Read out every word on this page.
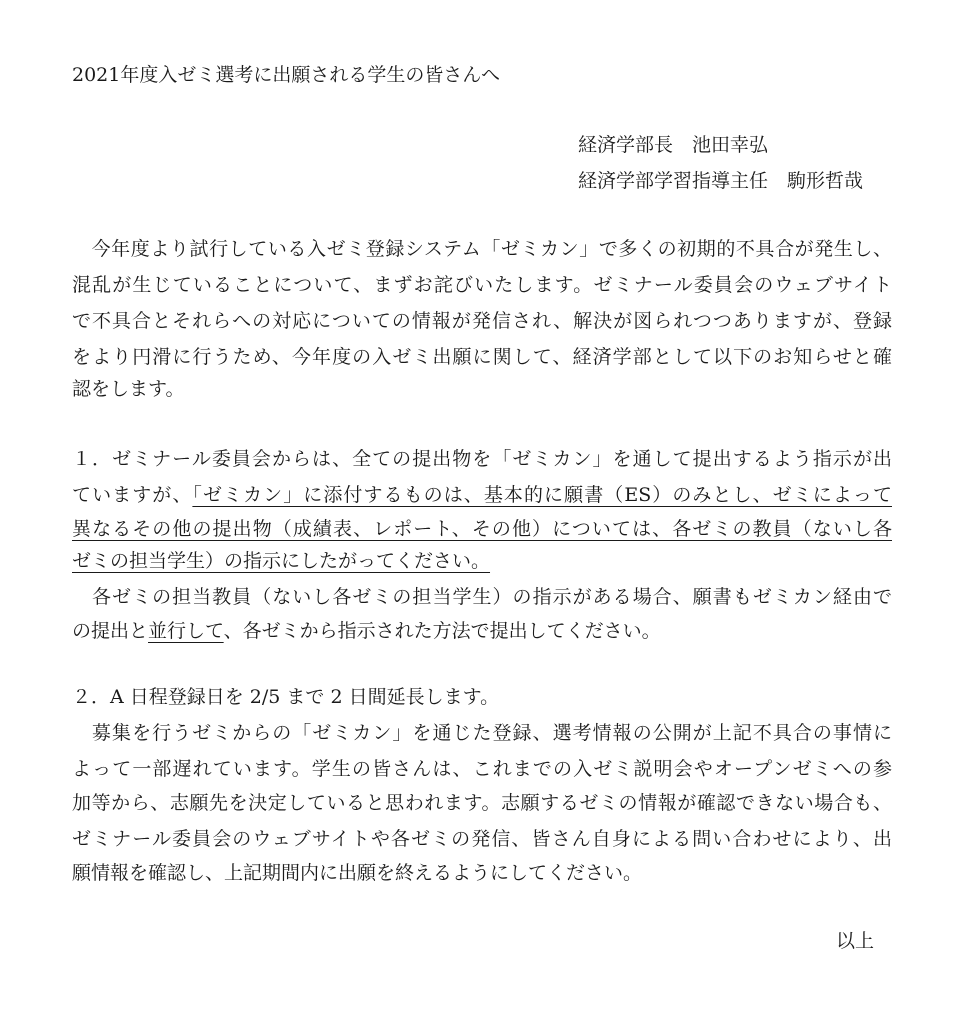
2021年度入ゼミ選考に出願される学生の皆さんへ
経済学部長　池田幸弘
経済学部学習指導主任　駒形哲哉
　今年度より試行している入ゼミ登録システム「ゼミカン」で多くの初期的不具合が発生し、
混乱が生じていることについて、まずお詫びいたします。ゼミナール委員会のウェブサイト
で不具合とそれらへの対応についての情報が発信され、解決が図られつつありますが、登録
をより円滑に行うため、今年度の入ゼミ出願に関して、経済学部として以下のお知らせと確
認をします。
１．ゼミナール委員会からは、全ての提出物を「ゼミカン」を通して提出するよう指示が出
ていますが、「ゼミカン」に添付するものは、基本的に願書（ES）のみとし、ゼミによって
異なるその他の提出物（成績表、レポート、その他）については、各ゼミの教員（ないし各
ゼミの担当学生）の指示にしたがってください。
　各ゼミの担当教員（ないし各ゼミの担当学生）の指示がある場合、願書もゼミカン経由で
の提出と並行して、各ゼミから指示された方法で提出してください。
２．A 日程登録日を 2/5 まで 2 日間延長します。
　募集を行うゼミからの「ゼミカン」を通じた登録、選考情報の公開が上記不具合の事情に
よって一部遅れています。学生の皆さんは、これまでの入ゼミ説明会やオープンゼミへの参
加等から、志願先を決定していると思われます。志願するゼミの情報が確認できない場合も、
ゼミナール委員会のウェブサイトや各ゼミの発信、皆さん自身による問い合わせにより、出
願情報を確認し、上記期間内に出願を終えるようにしてください。
以上
